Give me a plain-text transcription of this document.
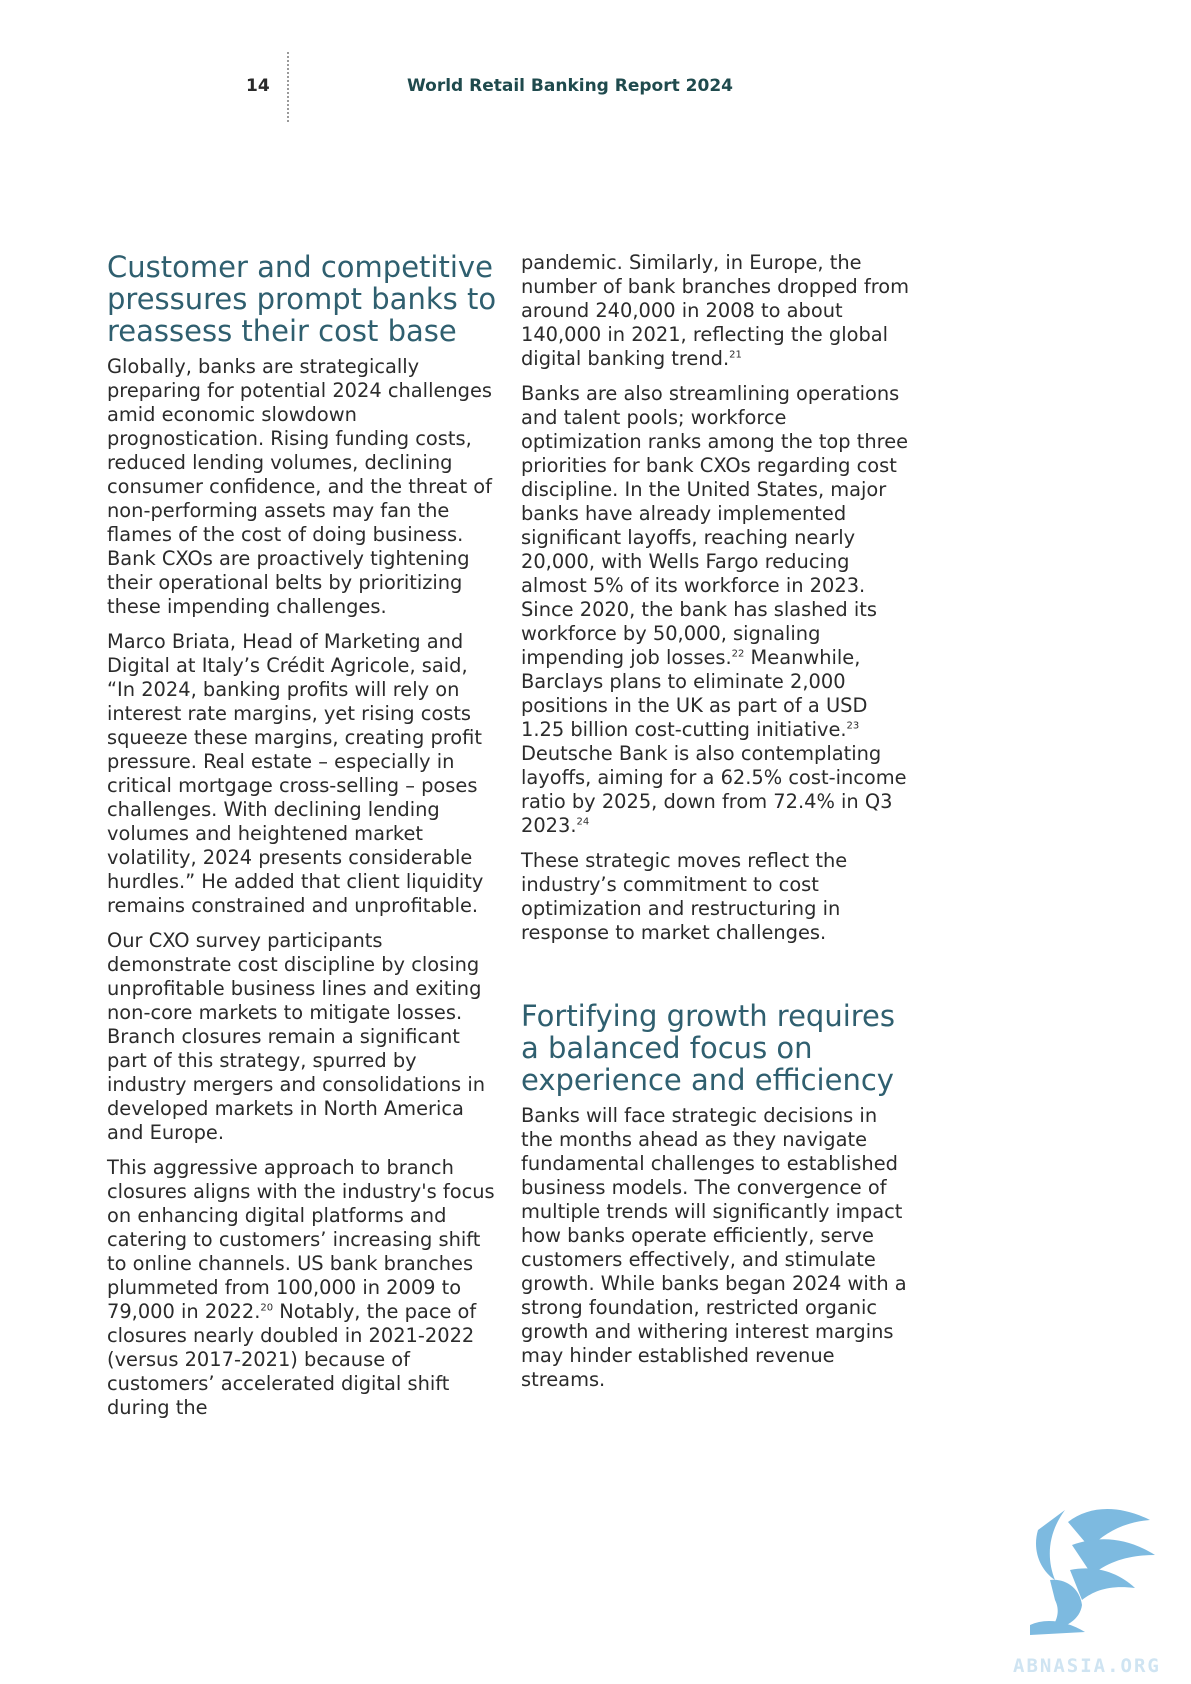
14	World Retail Banking Report 2024
Customer and competitive pressures prompt banks to reassess their cost base

Globally, banks are strategically preparing for potential 2024 challenges amid economic slowdown prognostication. Rising funding costs, reduced lending volumes, declining consumer confidence, and the threat of non-performing assets may fan the flames of the cost of doing business. Bank CXOs are proactively tightening their operational belts by prioritizing these impending challenges.

Marco Briata, Head of Marketing and Digital at Italy’s Crédit Agricole, said, “In 2024, banking profits will rely on interest rate margins, yet rising costs squeeze these margins, creating profit pressure. Real estate – especially in critical mortgage cross-selling – poses challenges. With declining lending volumes and heightened market volatility, 2024 presents considerable hurdles.” He added that client liquidity remains constrained and unprofitable.

Our CXO survey participants demonstrate cost discipline by closing unprofitable business lines and exiting non-core markets to mitigate losses. Branch closures remain a significant part of this strategy, spurred by industry mergers and consolidations in developed markets in North America and Europe.

This aggressive approach to branch closures aligns with the industry's focus on enhancing digital platforms and catering to customers’ increasing shift to online channels. US bank branches plummeted from 100,000 in 2009 to 79,000 in 2022.20 Notably, the pace of closures nearly doubled in 2021-2022 (versus 2017-2021) because of customers’ accelerated digital shift during the

pandemic. Similarly, in Europe, the number of bank branches dropped from around 240,000 in 2008 to about 140,000 in 2021, reflecting the global digital banking trend.$^{21}$

Banks are also streamlining operations and talent pools; workforce optimization ranks among the top three priorities for bank CXOs regarding cost discipline. In the United States, major banks have already implemented significant layoffs, reaching nearly 20,000, with Wells Fargo reducing almost 5% of its workforce in 2023. Since 2020, the bank has slashed its workforce by 50,000, signaling impending job losses.$^{22}$ Meanwhile, Barclays plans to eliminate 2,000 positions in the UK as part of a USD 1.25 billion cost-cutting initiative.$^{23}$ Deutsche Bank is also contemplating layoffs, aiming for a 62.5% cost-income ratio by 2025, down from 72.4% in Q3 2023.24

These strategic moves reflect the industry’s commitment to cost optimization and restructuring in response to market challenges.

Fortifying growth requires a balanced focus on experience and efficiency

Banks will face strategic decisions in the months ahead as they navigate fundamental challenges to established business models. The convergence of multiple trends will significantly impact how banks operate efficiently, serve customers effectively, and stimulate growth. While banks began 2024 with a strong foundation, restricted organic growth and withering interest margins may hinder established revenue streams.

ABNASIA.ORG
